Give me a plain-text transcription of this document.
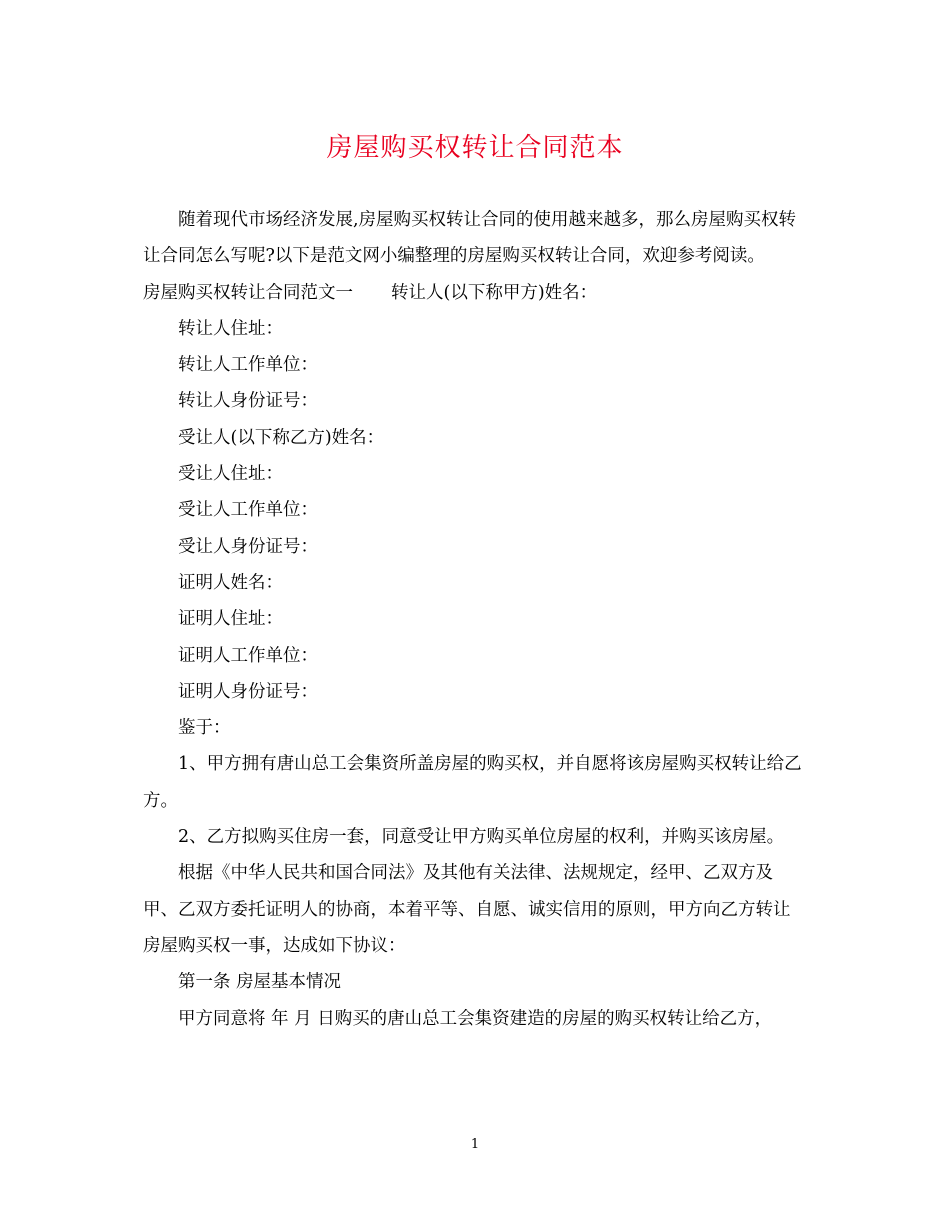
房屋购买权转让合同范本

随着现代市场经济发展,房屋购买权转让合同的使用越来越多，那么房屋购买权转让合同怎么写呢?以下是范文网小编整理的房屋购买权转让合同，欢迎参考阅读。

房屋购买权转让合同范文一 转让人(以下称甲方)姓名：

转让人住址：

转让人工作单位：

转让人身份证号：

受让人(以下称乙方)姓名：

受让人住址：

受让人工作单位：

受让人身份证号：

证明人姓名：

证明人住址：

证明人工作单位：

证明人身份证号：

鉴于：

1、甲方拥有唐山总工会集资所盖房屋的购买权，并自愿将该房屋购买权转让给乙方。

2、乙方拟购买住房一套，同意受让甲方购买单位房屋的权利，并购买该房屋。

根据《中华人民共和国合同法》及其他有关法律、法规规定，经甲、乙双方及甲、乙双方委托证明人的协商，本着平等、自愿、诚实信用的原则，甲方向乙方转让房屋购买权一事，达成如下协议：

第一条 房屋基本情况

甲方同意将 年 月 日购买的唐山总工会集资建造的房屋的购买权转让给乙方，

1
